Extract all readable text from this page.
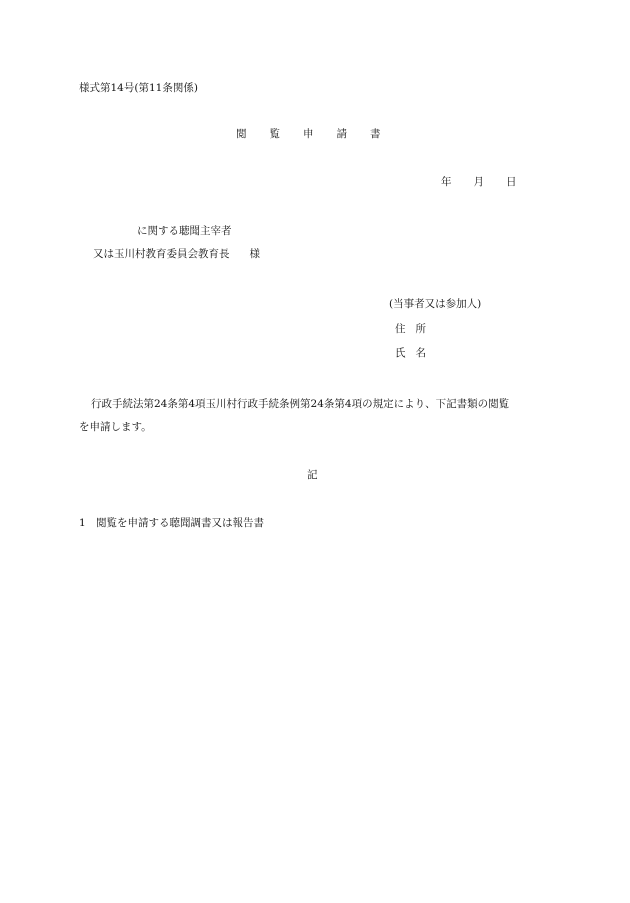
様式第14号(第11条関係)
閲 覧 申 請 書
年 月 日
に関する聴聞主宰者
又は玉川村教育委員会教育長 様
(当事者又は参加人)
住 所
氏 名
行政手続法第24条第4項玉川村行政手続条例第24条第4項の規定により、下記書類の閲覧
を申請します。
記
1 閲覧を申請する聴聞調書又は報告書
